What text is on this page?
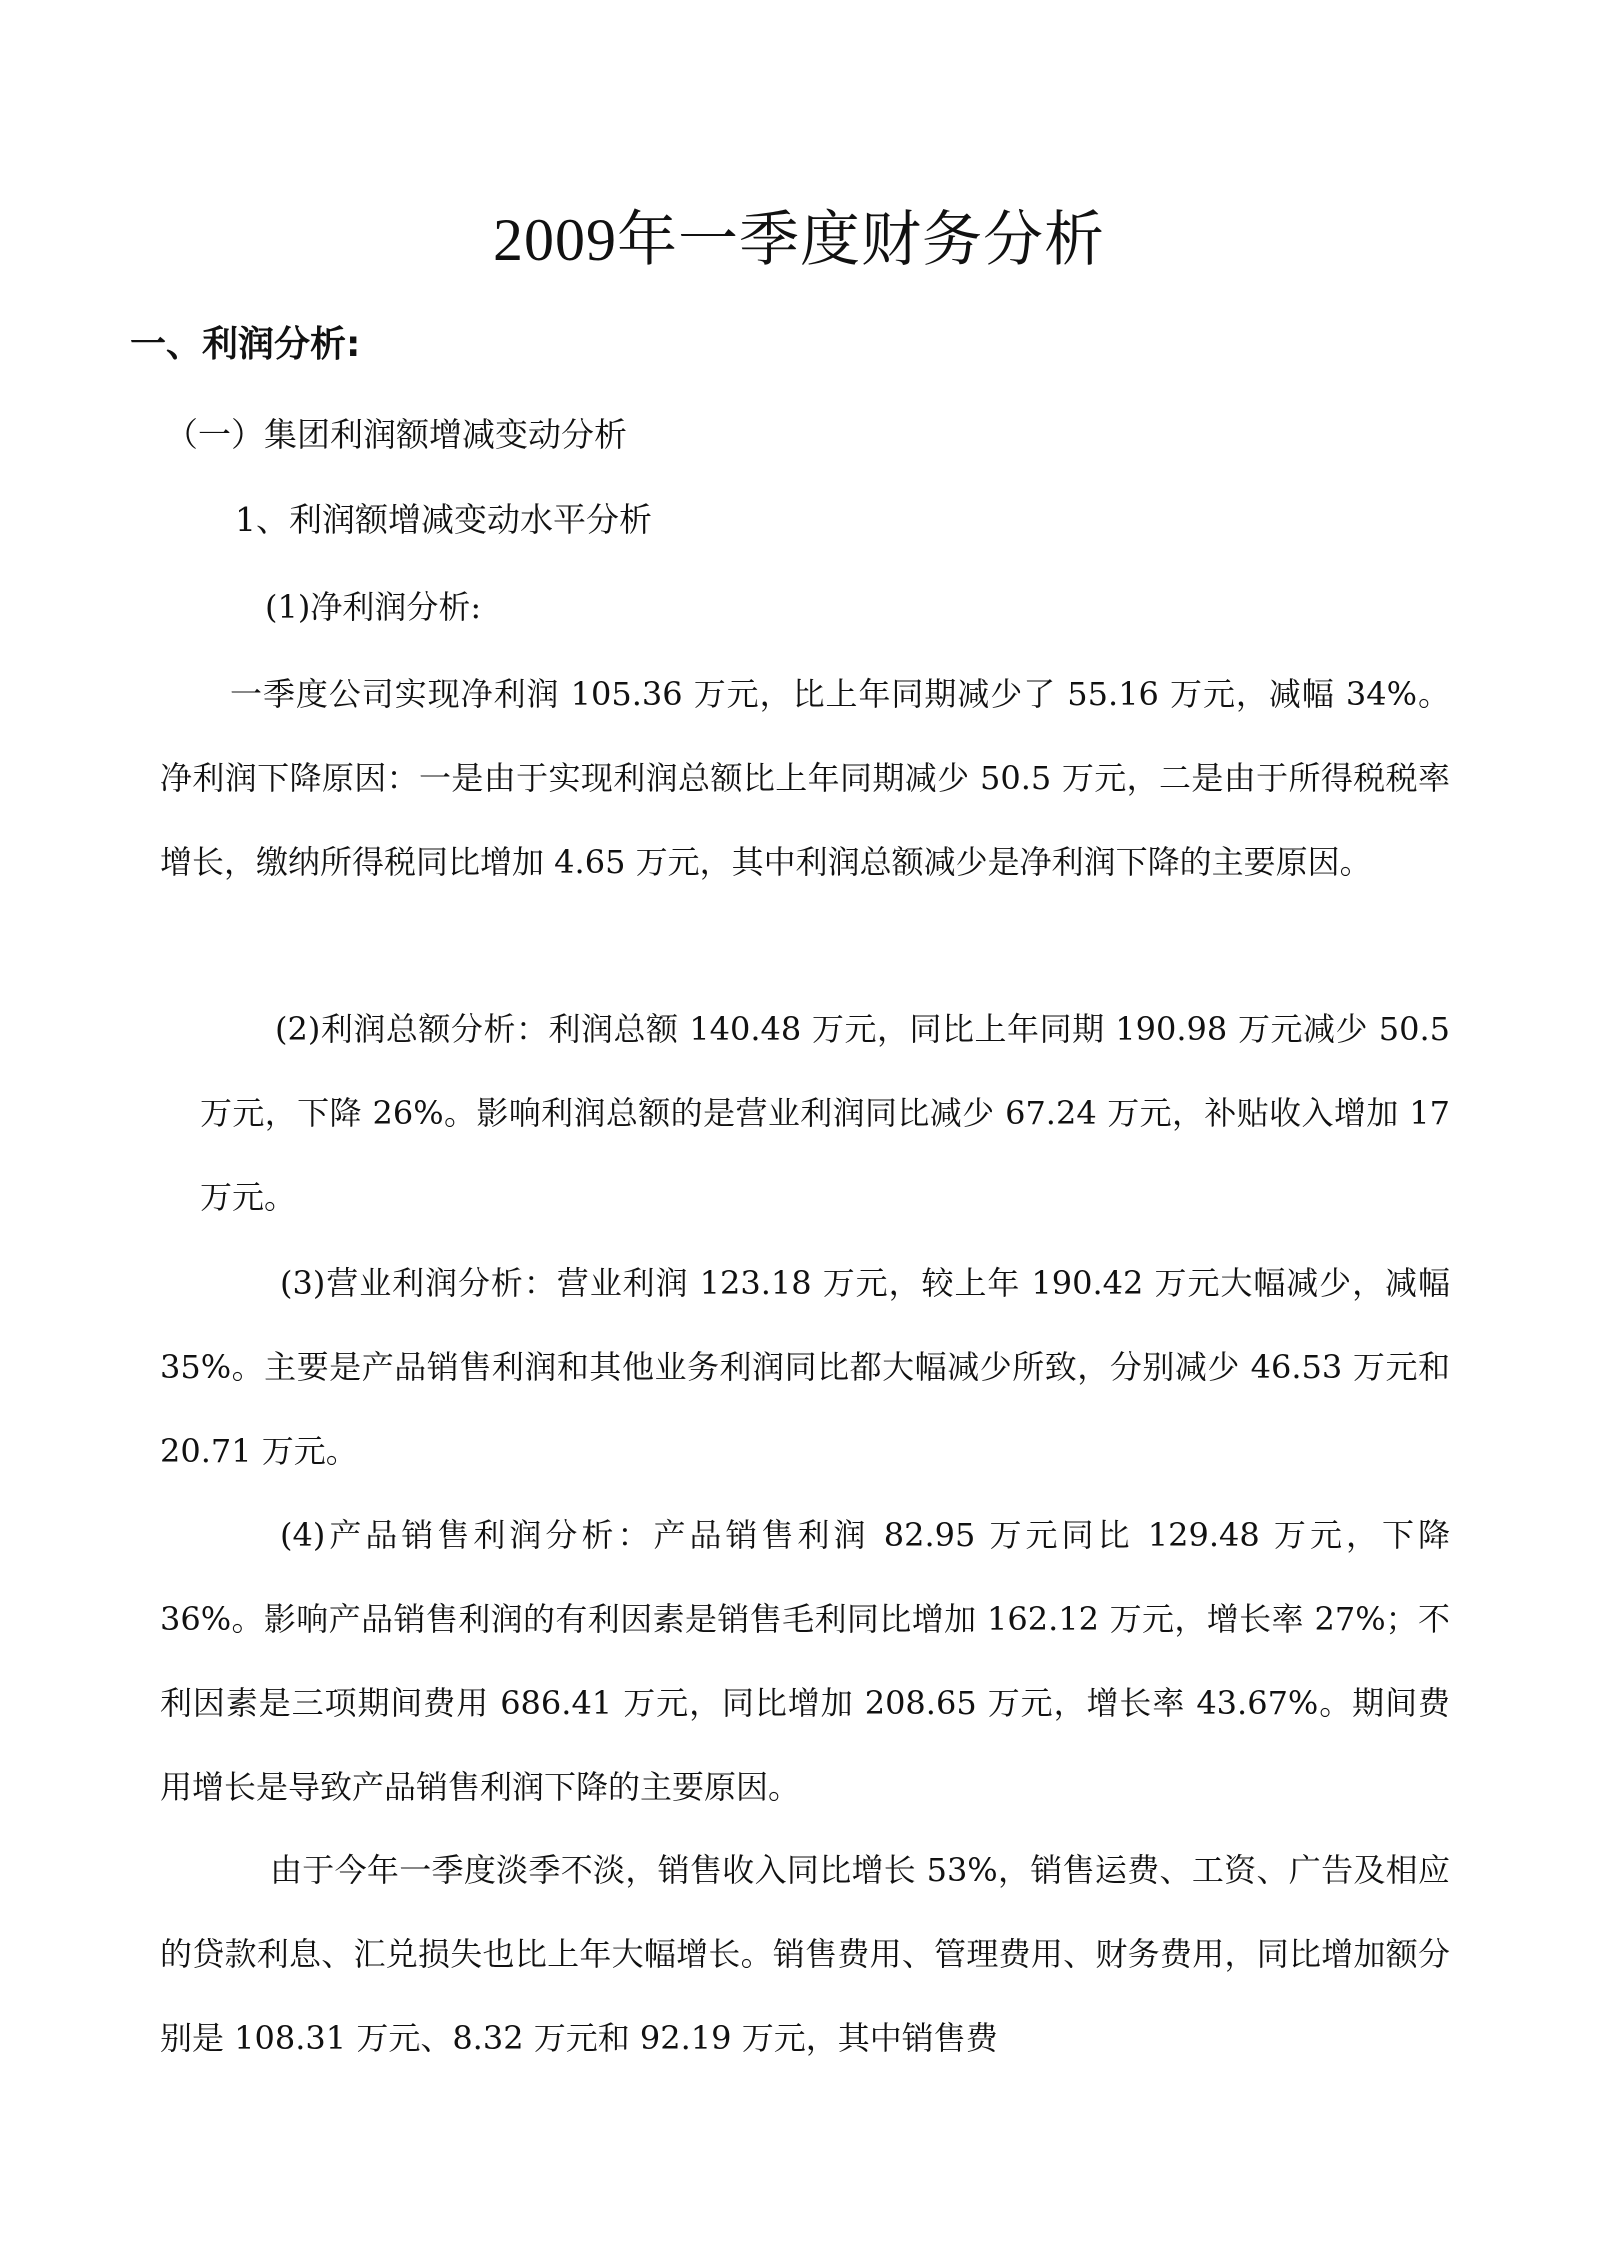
2009年一季度财务分析
一、利润分析:
（一）集团利润额增减变动分析
1、利润额增减变动水平分析
(1)净利润分析:

一季度公司实现净利润 105.36 万元，比上年同期减少了 55.16 万元，减幅 34%。净利润下降原因：一是由于实现利润总额比上年同期减少 50.5 万元，二是由于所得税税率增长，缴纳所得税同比增加 4.65 万元，其中利润总额减少是净利润下降的主要原因。

(2)利润总额分析：利润总额 140.48 万元，同比上年同期 190.98 万元减少 50.5 万元，下降 26%。影响利润总额的是营业利润同比减少 67.24 万元，补贴收入增加 17 万元。

(3)营业利润分析：营业利润 123.18 万元，较上年 190.42 万元大幅减少，减幅 35%。主要是产品销售利润和其他业务利润同比都大幅减少所致，分别减少 46.53 万元和 20.71 万元。

(4)产品销售利润分析：产品销售利润 82.95 万元同比 129.48 万元，下降 36%。影响产品销售利润的有利因素是销售毛利同比增加 162.12 万元，增长率 27%；不利因素是三项期间费用 686.41 万元，同比增加 208.65 万元，增长率 43.67%。期间费用增长是导致产品销售利润下降的主要原因。

由于今年一季度淡季不淡，销售收入同比增长 53%，销售运费、工资、广告及相应的贷款利息、汇兑损失也比上年大幅增长。销售费用、管理费用、财务费用，同比增加额分别是 108.31 万元、8.32 万元和 92.19 万元，其中销售费
